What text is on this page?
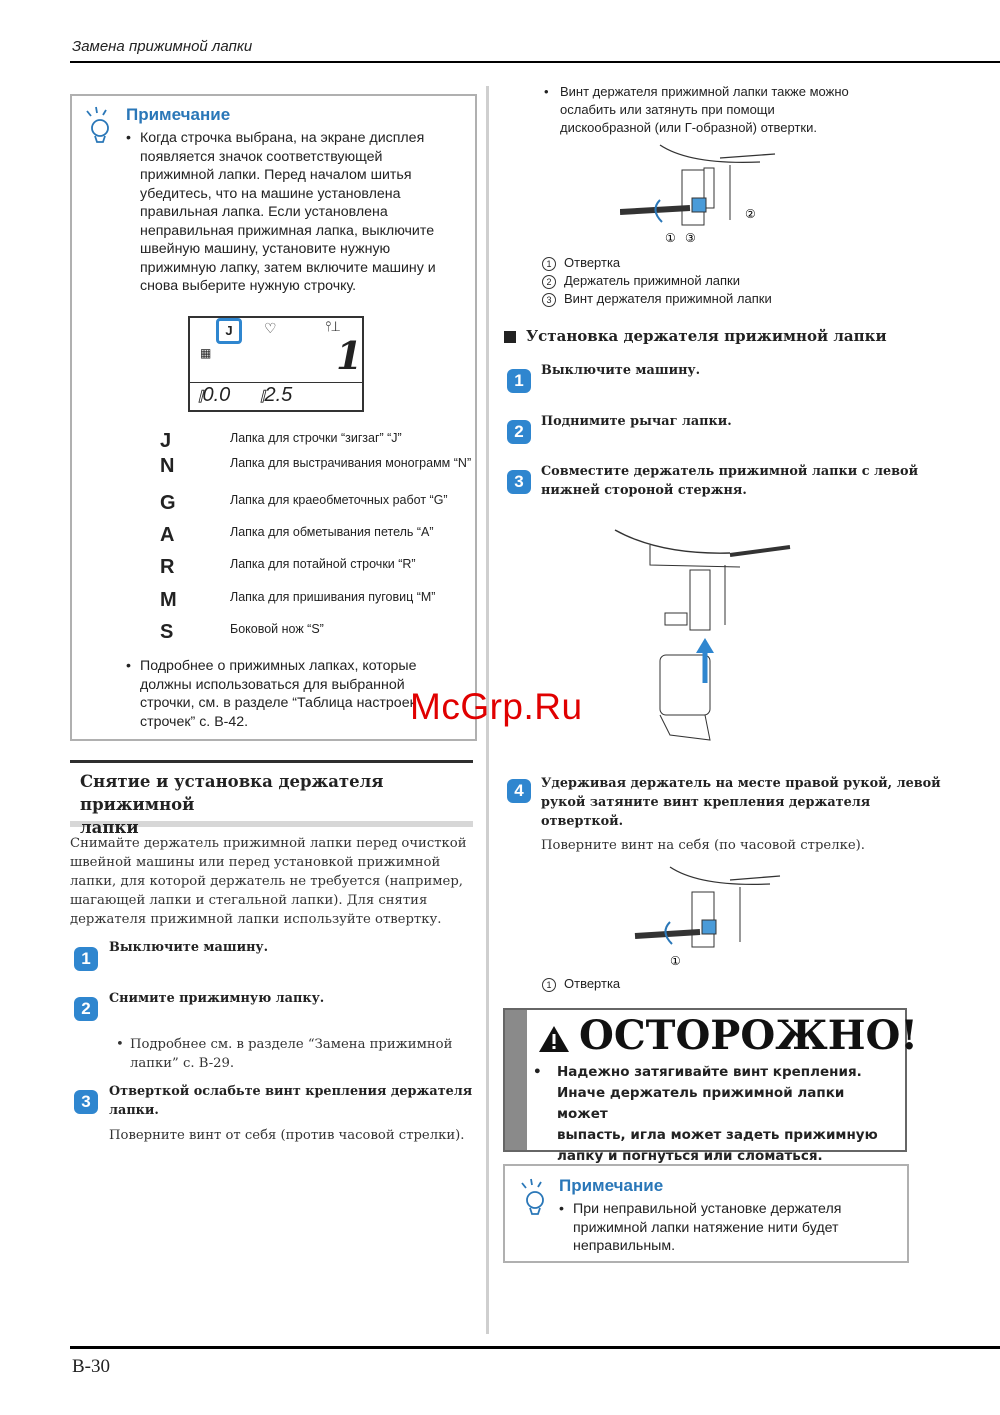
Замена прижимной лапки
Примечание
• Когда строчка выбрана, на экране дисплея
появляется значок соответствующей
прижимной лапки. Перед началом шитья
убедитесь, что на машине установлена
правильная лапка. Если установлена
неправильная прижимная лапка, выключите
швейную машину, установите нужную
прижимную лапку, затем включите машину и
снова выберите нужную строчку.
J	♡	⫯⊥
▦	1
⫿0.0 ⫿2.5
J	Лапка для строчки “зигзаг” “J”
N	Лапка для выстрачивания монограмм “N”
G	Лапка для краеобметочных работ “G”
A	Лапка для обметывания петель “A”
R	Лапка для потайной строчки “R”
M	Лапка для пришивания пуговиц “M”
S	Боковой нож “S”
• Подробнее о прижимных лапках, которые
должны использоваться для выбранной
строчки, см. в разделе “Таблица настроек
строчек” с. B-42.
Снятие и установка держателя прижимной
лапки
Снимайте держатель прижимной лапки перед очисткой
швейной машины или перед установкой прижимной
лапки, для которой держатель не требуется (например,
шагающей лапки и стегальной лапки). Для снятия
держателя прижимной лапки используйте отвертку.
1
Выключите машину.
2
Снимите прижимную лапку.
• Подробнее см. в разделе “Замена прижимной
лапки” с. B-29.
3
Отверткой ослабьте винт крепления держателя
лапки.
Поверните винт от себя (против часовой стрелки).
• Винт держателя прижимной лапки также можно
ослабить или затянуть при помощи
дискообразной (или Г-образной) отвертки.
① ③
②
1 Отвертка
2 Держатель прижимной лапки
3 Винт держателя прижимной лапки
Установка держателя прижимной лапки
1
Выключите машину.
2
Поднимите рычаг лапки.
3
Совместите держатель прижимной лапки с левой
нижней стороной стержня.
4	Удерживая держатель на месте правой рукой, левой
рукой затяните винт крепления держателя
отверткой.
Поверните винт на себя (по часовой стрелке).
①
1 Отвертка
ОСТОРОЖНО!
• Надежно затягивайте винт крепления.
Иначе держатель прижимной лапки может
выпасть, игла может задеть прижимную
лапку и погнуться или сломаться.
Примечание
• При неправильной установке держателя
прижимной лапки натяжение нити будет
неправильным.
McGrp.Ru
B-30
